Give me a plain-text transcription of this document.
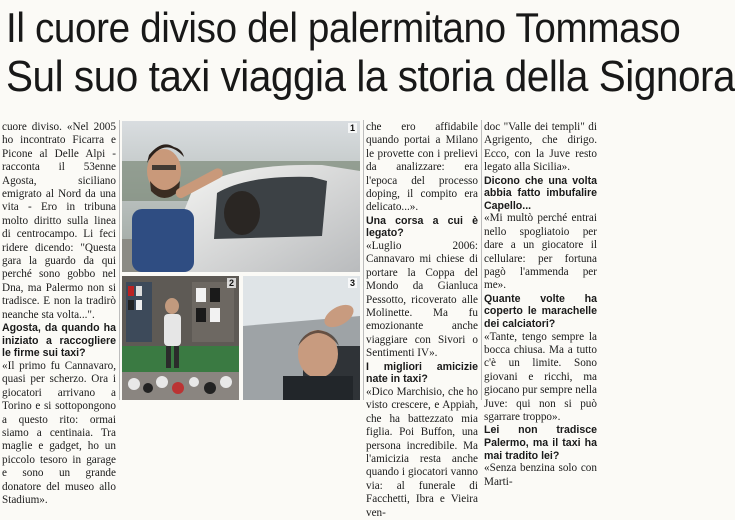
Il cuore diviso del palermitano Tommaso
Sul suo taxi viaggia la storia della Signora

cuore diviso. «Nel 2005 ho incontrato Ficarra e Picone al Delle Alpi - racconta il 53enne Agosta, siciliano emigrato al Nord da una vita - Ero in tribuna molto diritto sulla linea di centrocampo. Li feci ridere dicendo: "Questa gara la guardo da qui perché sono gobbo nel Dna, ma Palermo non si tradisce. E non la tradirò neanche sta volta...".

Agosta, da quando ha iniziato a raccogliere le firme sui taxi?

«Il primo fu Cannavaro, quasi per scherzo. Ora i giocatori arrivano a Torino e si sottopongono a questo rito: ormai siamo a centinaia. Tra maglie e gadget, ho un piccolo tesoro in garage e sono un grande donatore del museo allo Stadium».

1
2	3

che ero affidabile quando portai a Milano le provette con i prelievi da analizzare: era l'epoca del processo doping, il compito era delicato...».

Una corsa a cui è legato?

«Luglio 2006: Cannavaro mi chiese di portare la Coppa del Mondo da Gianluca Pessotto, ricoverato alle Molinette. Ma fu emozionante anche viaggiare con Sivori o Sentimenti IV».

I migliori amicizie nate in taxi?

«Dico Marchisio, che ho visto crescere, e Appiah, che ha battezzato mia figlia. Poi Buffon, una persona incredibile. Ma l'amicizia resta anche quando i giocatori vanno via: al funerale di Facchetti, Ibra e Vieira ven-

doc "Valle dei templi" di Agrigento, che dirigo. Ecco, con la Juve resto legato alla Sicilia».

Dicono che una volta abbia fatto imbufalire Capello...

«Mi multò perché entrai nello spogliatoio per dare a un giocatore il cellulare: per fortuna pagò l'ammenda per me».

Quante volte ha coperto le marachelle dei calciatori?

«Tante, tengo sempre la bocca chiusa. Ma a tutto c'è un limite. Sono giovani e ricchi, ma giocano pur sempre nella Juve: qui non si può sgarrare troppo».

Lei non tradisce Palermo, ma il taxi ha mai tradito lei?

«Senza benzina solo con Marti-
